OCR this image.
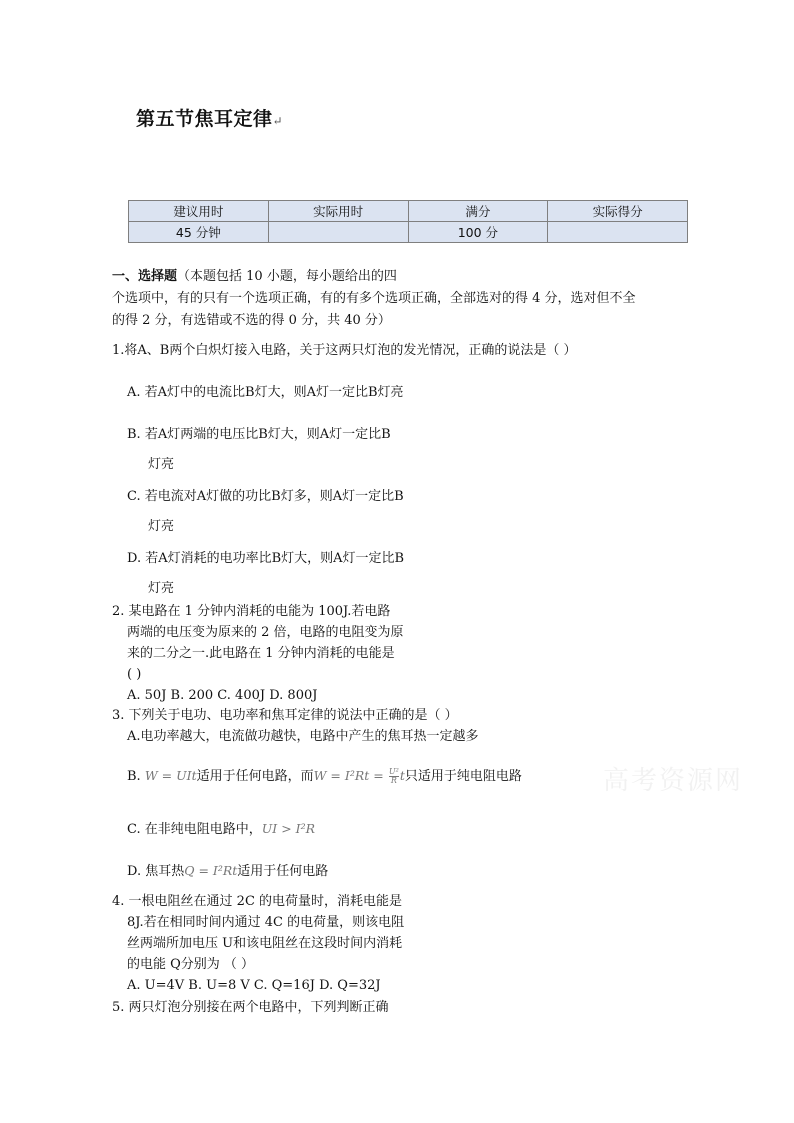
第五节焦耳定律↵
建议用时	实际用时	满分	实际得分
45 分钟		100 分	
一、选择题（本题包括 10 小题，每小题给出的四
个选项中，有的只有一个选项正确，有的有多个选项正确，全部选对的得 4 分，选对但不全
的得 2 分，有选错或不选的得 0 分，共 40 分）
1.将A、B两个白炽灯接入电路，关于这两只灯泡的发光情况，正确的说法是（ ）
A. 若A灯中的电流比B灯大，则A灯一定比B灯亮
B. 若A灯两端的电压比B灯大，则A灯一定比B
灯亮
C. 若电流对A灯做的功比B灯多，则A灯一定比B
灯亮
D. 若A灯消耗的电功率比B灯大，则A灯一定比B
灯亮
2. 某电路在 1 分钟内消耗的电能为 100J.若电路
两端的电压变为原来的 2 倍，电路的电阻变为原
来的二分之一.此电路在 1 分钟内消耗的电能是
( )
A. 50J B. 200 C. 400J D. 800J
3. 下列关于电功、电功率和焦耳定律的说法中正确的是（ ）
A.电功率越大，电流做功越快，电路中产生的焦耳热一定越多
B. W = UIt适用于任何电路，而$W = I^2Rt = \frac{\text{U²}}{R}$ t只适用于纯电阻电路
C. 在非纯电阻电路中，UI > I²R
D. 焦耳热Q = I²Rt适用于任何电路
4. 一根电阻丝在通过 2C 的电荷量时，消耗电能是
8J.若在相同时间内通过 4C 的电荷量，则该电阻
丝两端所加电压 U和该电阻丝在这段时间内消耗
的电能 Q分别为 （ ）
A. U=4V B. U=8 V C. Q=16J D. Q=32J
5. 两只灯泡分别接在两个电路中，下列判断正确
高考资源网
